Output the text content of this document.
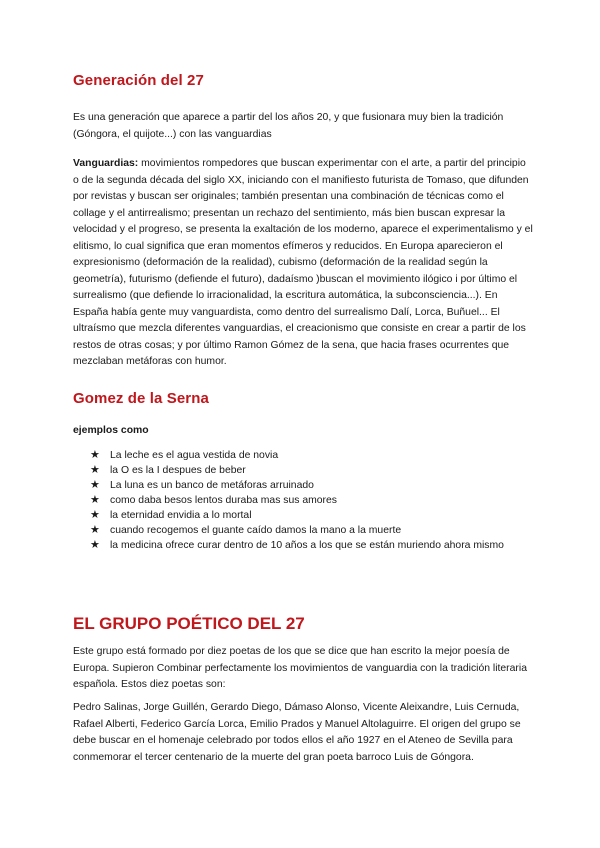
Generación del 27

Es una generación que aparece a partir del los años 20, y que fusionara muy bien la tradición (Góngora, el quijote...) con las vanguardias

Vanguardias: movimientos rompedores que buscan experimentar con el arte, a partir del principio o de la segunda década del siglo XX, iniciando con el manifiesto futurista de Tomaso, que difunden por revistas y buscan ser originales; también presentan una combinación de técnicas como el collage y el antirrealismo; presentan un rechazo del sentimiento, más bien buscan expresar la velocidad y el progreso, se presenta la exaltación de los moderno, aparece el experimentalismo y el elitismo, lo cual significa que eran momentos efímeros y reducidos. En Europa aparecieron el expresionismo (deformación de la realidad), cubismo (deformación de la realidad según la geometría), futurismo (defiende el futuro), dadaísmo )buscan el movimiento ilógico i por último el surrealismo (que defiende lo irracionalidad, la escritura automática, la subconsciencia...). En España había gente muy vanguardista, como dentro del surrealismo Dalí, Lorca, Buñuel... El ultraísmo que mezcla diferentes vanguardias, el creacionismo que consiste en crear a partir de los restos de otras cosas; y por último Ramon Gómez de la sena, que hacia frases ocurrentes que mezclaban metáforas con humor.

Gomez de la Serna

ejemplos como

★ La leche es el agua vestida de novia
★ la O es la I despues de beber
★ La luna es un banco de metáforas arruinado
★ como daba besos lentos duraba mas sus amores
★ la eternidad envidia a lo mortal
★ cuando recogemos el guante caído damos la mano a la muerte
★ la medicina ofrece curar dentro de 10 años a los que se están muriendo ahora mismo
EL GRUPO POÉTICO DEL 27

Este grupo está formado por diez poetas de los que se dice que han escrito la mejor poesía de Europa. Supieron Combinar perfectamente los movimientos de vanguardia con la tradición literaria española. Estos diez poetas son:

Pedro Salinas, Jorge Guillén, Gerardo Diego, Dámaso Alonso, Vicente Aleixandre, Luis Cernuda, Rafael Alberti, Federico García Lorca, Emilio Prados y Manuel Altolaguirre. El origen del grupo se debe buscar en el homenaje celebrado por todos ellos el año 1927 en el Ateneo de Sevilla para conmemorar el tercer centenario de la muerte del gran poeta barroco Luis de Góngora.
